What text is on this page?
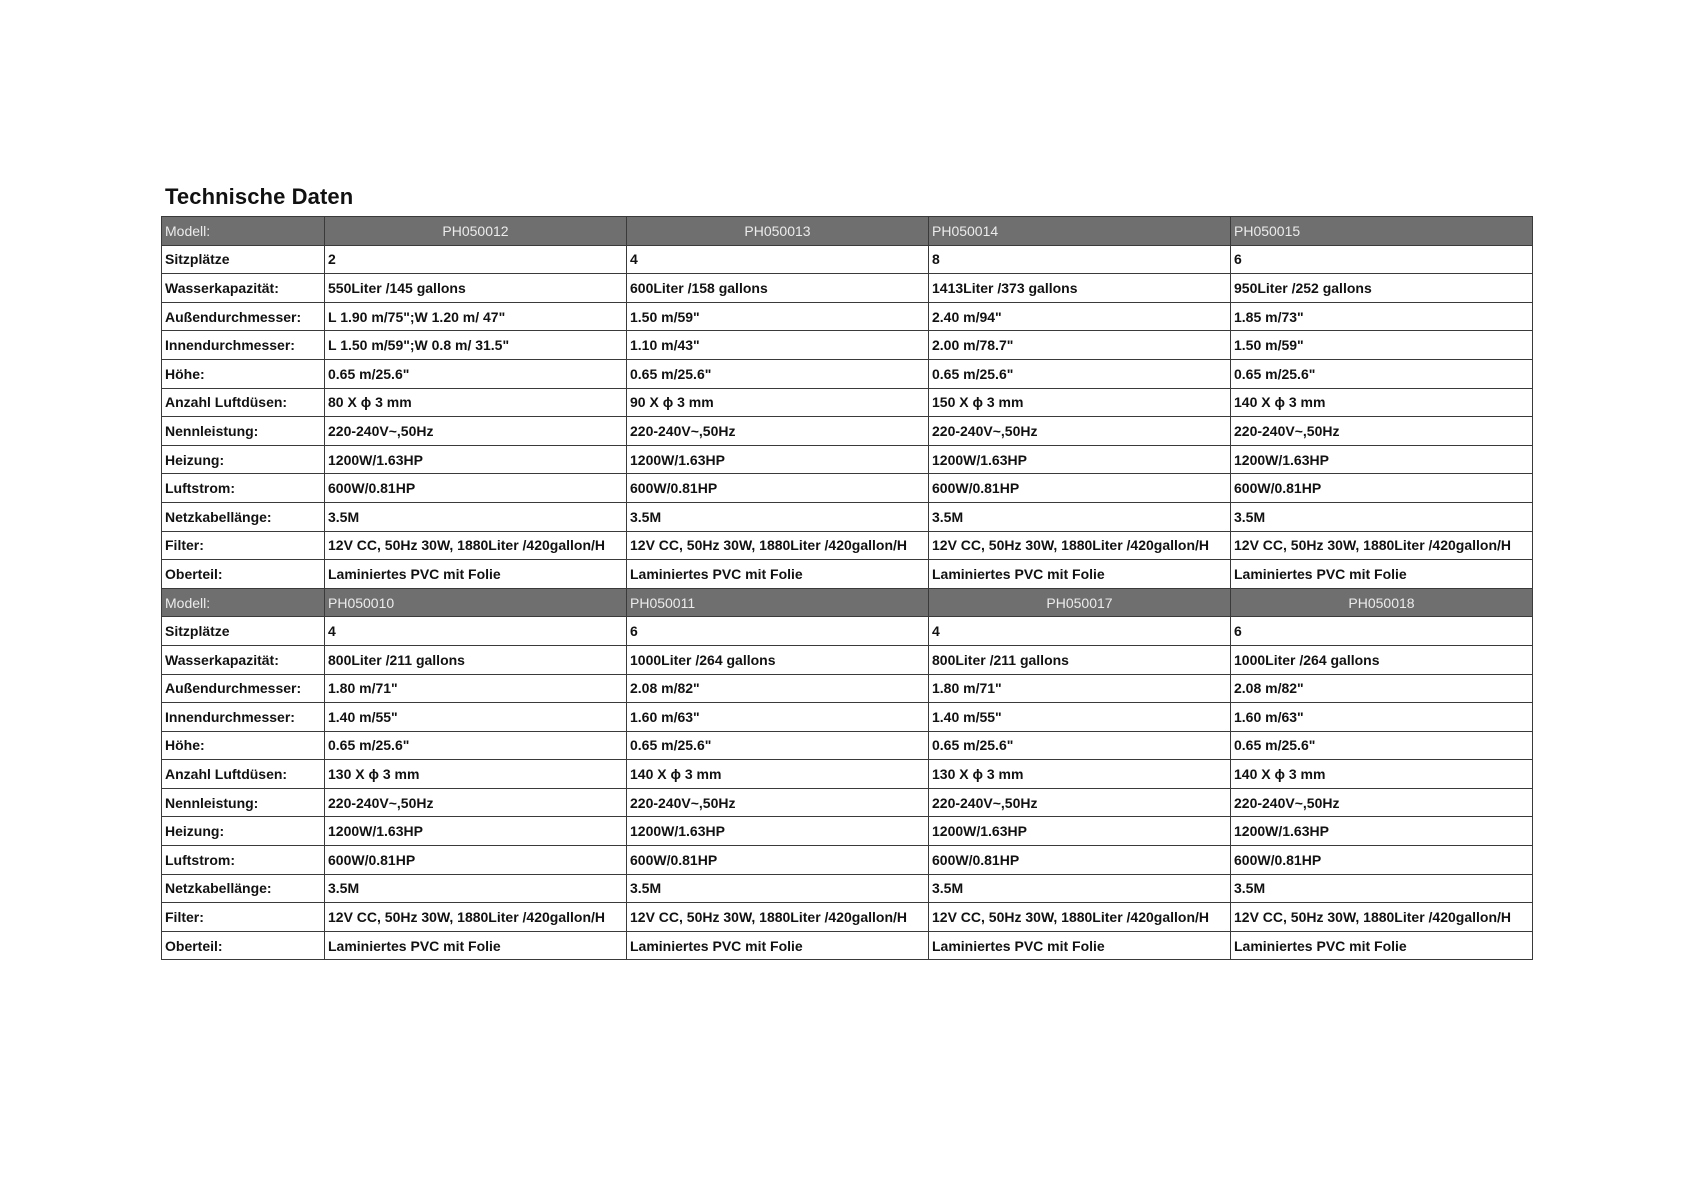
Technische Daten
Modell:	PH050012	PH050013	PH050014	PH050015
Sitzplätze	2	4	8	6
Wasserkapazität:	550Liter /145 gallons	600Liter /158 gallons	1413Liter /373 gallons	950Liter /252 gallons
Außendurchmesser:	L 1.90 m/75";W 1.20 m/ 47"	1.50 m/59"	2.40 m/94"	1.85 m/73"
Innendurchmesser:	L 1.50 m/59";W 0.8 m/ 31.5"	1.10 m/43"	2.00 m/78.7"	1.50 m/59"
Höhe:	0.65 m/25.6"	0.65 m/25.6"	0.65 m/25.6"	0.65 m/25.6"
Anzahl Luftdüsen:	80 X ϕ 3 mm	90 X ϕ 3 mm	150 X ϕ 3 mm	140 X ϕ 3 mm
Nennleistung:	220-240V~,50Hz	220-240V~,50Hz	220-240V~,50Hz	220-240V~,50Hz
Heizung:	1200W/1.63HP	1200W/1.63HP	1200W/1.63HP	1200W/1.63HP
Luftstrom:	600W/0.81HP	600W/0.81HP	600W/0.81HP	600W/0.81HP
Netzkabellänge:	3.5M	3.5M	3.5M	3.5M
Filter:	12V CC, 50Hz 30W, 1880Liter /420gallon/H	12V CC, 50Hz 30W, 1880Liter /420gallon/H	12V CC, 50Hz 30W, 1880Liter /420gallon/H	12V CC, 50Hz 30W, 1880Liter /420gallon/H
Oberteil:	Laminiertes PVC mit Folie	Laminiertes PVC mit Folie	Laminiertes PVC mit Folie	Laminiertes PVC mit Folie
Modell:	PH050010	PH050011	PH050017	PH050018
Sitzplätze	4	6	4	6
Wasserkapazität:	800Liter /211 gallons	1000Liter /264 gallons	800Liter /211 gallons	1000Liter /264 gallons
Außendurchmesser:	1.80 m/71"	2.08 m/82"	1.80 m/71"	2.08 m/82"
Innendurchmesser:	1.40 m/55"	1.60 m/63"	1.40 m/55"	1.60 m/63"
Höhe:	0.65 m/25.6"	0.65 m/25.6"	0.65 m/25.6"	0.65 m/25.6"
Anzahl Luftdüsen:	130 X ϕ 3 mm	140 X ϕ 3 mm	130 X ϕ 3 mm	140 X ϕ 3 mm
Nennleistung:	220-240V~,50Hz	220-240V~,50Hz	220-240V~,50Hz	220-240V~,50Hz
Heizung:	1200W/1.63HP	1200W/1.63HP	1200W/1.63HP	1200W/1.63HP
Luftstrom:	600W/0.81HP	600W/0.81HP	600W/0.81HP	600W/0.81HP
Netzkabellänge:	3.5M	3.5M	3.5M	3.5M
Filter:	12V CC, 50Hz 30W, 1880Liter /420gallon/H	12V CC, 50Hz 30W, 1880Liter /420gallon/H	12V CC, 50Hz 30W, 1880Liter /420gallon/H	12V CC, 50Hz 30W, 1880Liter /420gallon/H
Oberteil:	Laminiertes PVC mit Folie	Laminiertes PVC mit Folie	Laminiertes PVC mit Folie	Laminiertes PVC mit Folie
